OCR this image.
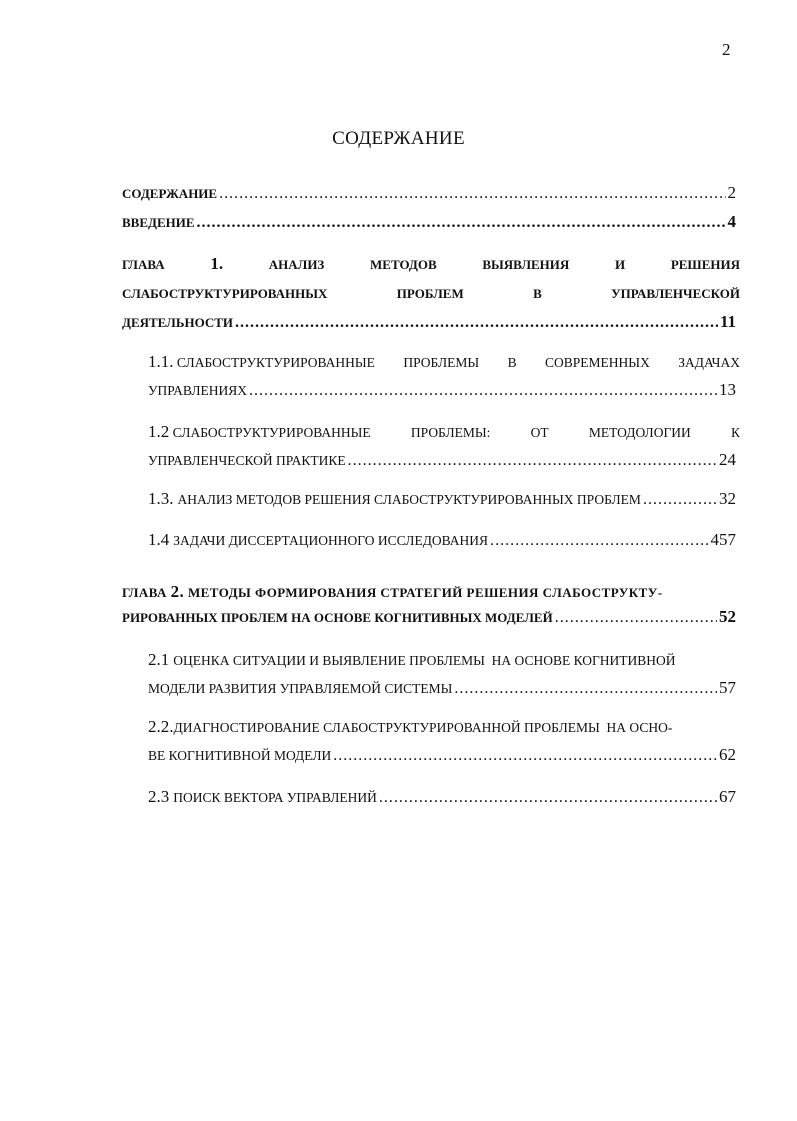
2
СОДЕРЖАНИЕ
СОДЕРЖАНИЕ .....	2
ВВЕДЕНИЕ .....	4
ГЛАВА	1.	АНАЛИЗ	МЕТОДОВ	ВЫЯВЛЕНИЯ	И	РЕШЕНИЯ
СЛАБОСТРУКТУРИРОВАННЫХ	ПРОБЛЕМ	В	УПРАВЛЕНЧЕСКОЙ
ДЕЯТЕЛЬНОСТИ .....	11
1.1. СЛАБОСТРУКТУРИРОВАННЫЕ ПРОБЛЕМЫ В СОВРЕМЕННЫХ ЗАДАЧАХ
УПРАВЛЕНИЯХ .....	13
1.2 СЛАБОСТРУКТУРИРОВАННЫЕ	ПРОБЛЕМЫ:	ОТ	МЕТОДОЛОГИИ	К
УПРАВЛЕНЧЕСКОЙ ПРАКТИКЕ .....	24
1.3. АНАЛИЗ МЕТОДОВ РЕШЕНИЯ СЛАБОСТРУКТУРИРОВАННЫХ ПРОБЛЕМ .....	32
1.4 ЗАДАЧИ ДИССЕРТАЦИОННОГО ИССЛЕДОВАНИЯ .....	457
ГЛАВА 2. МЕТОДЫ ФОРМИРОВАНИЯ СТРАТЕГИЙ РЕШЕНИЯ СЛАБОСТРУКТУ-
РИРОВАННЫХ ПРОБЛЕМ НА ОСНОВЕ КОГНИТИВНЫХ МОДЕЛЕЙ .....	52
2.1 ОЦЕНКА СИТУАЦИИ И ВЫЯВЛЕНИЕ ПРОБЛЕМЫ  НА ОСНОВЕ КОГНИТИВНОЙ
МОДЕЛИ РАЗВИТИЯ УПРАВЛЯЕМОЙ СИСТЕМЫ .....	57
2.2.ДИАГНОСТИРОВАНИЕ СЛАБОСТРУКТУРИРОВАННОЙ ПРОБЛЕМЫ  НА ОСНО-
ВЕ КОГНИТИВНОЙ МОДЕЛИ .....	62
2.3 ПОИСК ВЕКТОРА УПРАВЛЕНИЙ .....	67
